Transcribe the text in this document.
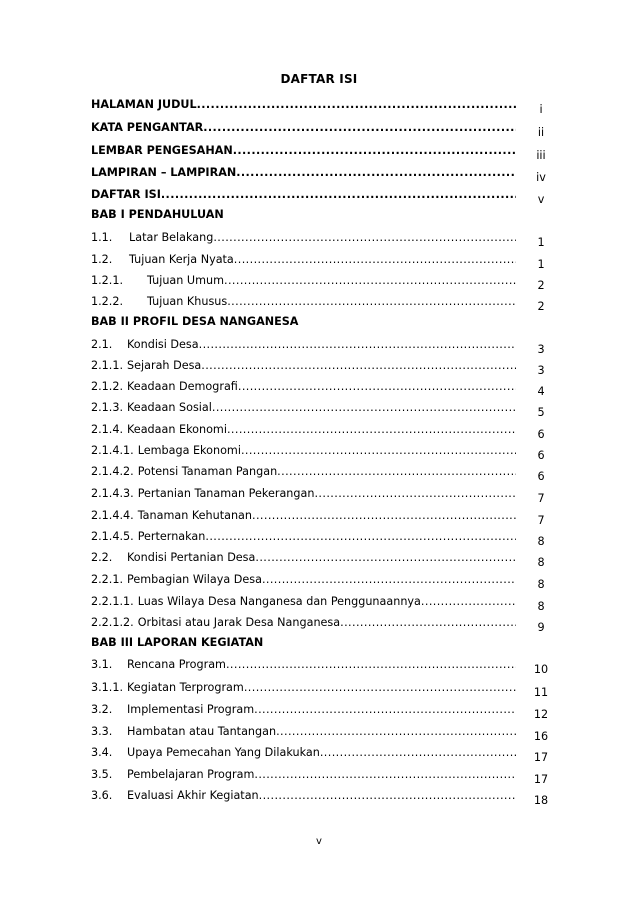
DAFTAR ISI
HALAMAN JUDUL .....	i
KATA PENGANTAR .....	ii
LEMBAR PENGESAHAN .....	iii
LAMPIRAN – LAMPIRAN .....	iv
DAFTAR ISI .....	v
BAB I PENDAHULUAN
1.1. Latar Belakang .....	1
1.2. Tujuan Kerja Nyata .....	1
1.2.1. Tujuan Umum .....	2
1.2.2. Tujuan Khusus .....	2
BAB II PROFIL DESA NANGANESA
2.1. Kondisi Desa .....	3
2.1.1. Sejarah Desa .....	3
2.1.2. Keadaan Demografi .....	4
2.1.3. Keadaan Sosial .....	5
2.1.4. Keadaan Ekonomi .....	6
2.1.4.1. Lembaga Ekonomi .....	6
2.1.4.2. Potensi Tanaman Pangan .....	6
2.1.4.3. Pertanian Tanaman Pekerangan .....	7
2.1.4.4. Tanaman Kehutanan .....	7
2.1.4.5. Perternakan .....	8
2.2. Kondisi Pertanian Desa .....	8
2.2.1. Pembagian Wilaya Desa .....	8
2.2.1.1. Luas Wilaya Desa Nanganesa dan Penggunaannya .....	8
2.2.1.2. Orbitasi atau Jarak Desa Nanganesa .....	9
BAB III LAPORAN KEGIATAN
3.1. Rencana Program .....	10
3.1.1. Kegiatan Terprogram .....	11
3.2. Implementasi Program .....	12
3.3. Hambatan atau Tantangan .....	16
3.4. Upaya Pemecahan Yang Dilakukan .....	17
3.5. Pembelajaran Program .....	17
3.6. Evaluasi Akhir Kegiatan .....	18
v
